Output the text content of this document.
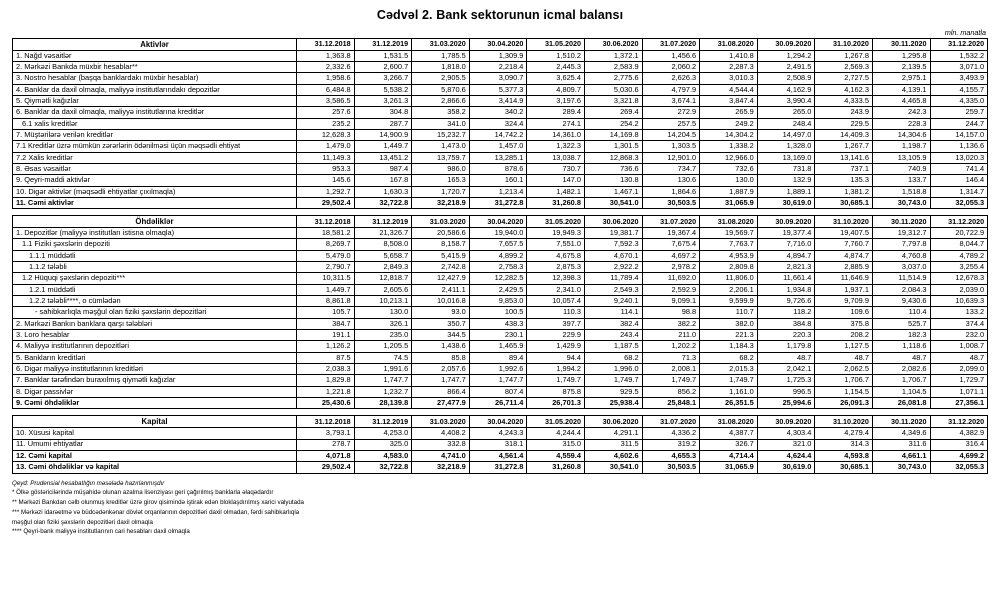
Cədvəl 2. Bank sektorunun icmal balansı
mln. manatla
Aktivlər	31.12.2018	31.12.2019	31.03.2020	30.04.2020	31.05.2020	30.06.2020	31.07.2020	31.08.2020	30.09.2020	31.10.2020	30.11.2020	31.12.2020
1. Nağd vəsaitlər	1,363.8	1,531.5	1,785.5	1,309.9	1,510.2	1,372.1	1,456.6	1,410.8	1,294.2	1,267.8	1,295.8	1,532.2
2. Mərkəzi Bankda müxbir hesablar**	2,332.6	2,600.7	1,818.0	2,218.4	2,445.3	2,583.9	2,060.2	2,287.3	2,491.5	2,569.3	2,139.5	3,071.0
3. Nostro hesablar (başqa banklardakı müxbir hesablar)	1,958.6	3,266.7	2,905.5	3,090.7	3,625.4	2,775.6	2,626.3	3,010.3	2,508.9	2,727.5	2,975.1	3,493.9
4. Banklar da daxil olmaqla, maliyyə institutlarındakı depozitlər	6,484.8	5,538.2	5,870.6	5,377.3	4,809.7	5,030.6	4,797.9	4,544.4	4,162.9	4,162.3	4,139.1	4,155.7
5. Qiymətli kağızlar	3,586.5	3,261.3	2,866.6	3,414.9	3,197.6	3,321.8	3,674.1	3,847.4	3,990.4	4,333.5	4,465.8	4,335.0
6. Banklar da daxil olmaqla, maliyyə institutlarına kreditlər	257.6	304.8	358.2	340.2	289.4	269.4	272.9	265.9	265.0	243.9	242.3	259.7
6.1 xalis kreditlər	235.2	287.7	341.0	324.4	274.1	254.2	257.5	249.2	248.4	229.5	228.3	244.7
7. Müştərilərə verilən kreditlər	12,628.3	14,900.9	15,232.7	14,742.2	14,361.0	14,169.8	14,204.5	14,304.2	14,497.0	14,409.3	14,304.6	14,157.0
7.1 Kreditlər üzrə mümkün zərərlərin ödənilməsi üçün məqsədli ehtiyat	1,479.0	1,449.7	1,473.0	1,457.0	1,322.3	1,301.5	1,303.5	1,338.2	1,328.0	1,267.7	1,198.7	1,136.6
7.2 Xalis kreditlər	11,149.3	13,451.2	13,759.7	13,285.1	13,038.7	12,868.3	12,901.0	12,966.0	13,169.0	13,141.6	13,105.9	13,020.3
8. Əsas vəsaitlər	953.3	987.4	986.0	878.6	730.7	736.6	734.7	732.6	731.8	737.1	740.9	741.4
9. Qeyri-maddi aktivlər	145.6	167.8	165.3	160.1	147.0	130.8	130.6	130.0	132.9	135.3	133.7	146.4
10. Digər aktivlər (məqsədli ehtiyatlar çıxılmaqla)	1,292.7	1,630.3	1,720.7	1,213.4	1,482.1	1,467.1	1,864.6	1,887.9	1,889.1	1,381.2	1,518.8	1,314.7
11. Cəmi aktivlər	29,502.4	32,722.8	32,218.9	31,272.8	31,260.8	30,541.0	30,503.5	31,065.9	30,619.0	30,685.1	30,743.0	32,055.3

Öhdəliklər	31.12.2018	31.12.2019	31.03.2020	30.04.2020	31.05.2020	30.06.2020	31.07.2020	31.08.2020	30.09.2020	31.10.2020	30.11.2020	31.12.2020
1. Depozitlər (maliyyə institutları istisna olmaqla)	18,581.2	21,326.7	20,586.6	19,940.0	19,949.3	19,381.7	19,367.4	19,569.7	19,377.4	19,407.5	19,312.7	20,722.9
1.1 Fiziki şəxslərin depoziti	8,269.7	8,508.0	8,158.7	7,657.5	7,551.0	7,592.3	7,675.4	7,763.7	7,716.0	7,760.7	7,797.8	8,044.7
1.1.1 müddətli	5,479.0	5,658.7	5,415.9	4,899.2	4,675.8	4,670.1	4,697.2	4,953.9	4,894.7	4,874.7	4,760.8	4,789.2
1.1.2 tələbli	2,790.7	2,849.3	2,742.8	2,758.3	2,875.3	2,922.2	2,978.2	2,809.8	2,821.3	2,885.9	3,037.0	3,255.4
1.2 Hüquqi şəxslərin depoziti***	10,311.5	12,818.7	12,427.9	12,282.5	12,398.3	11,789.4	11,692.0	11,806.0	11,661.4	11,646.9	11,514.9	12,678.3
1.2.1 müddətli	1,449.7	2,605.6	2,411.1	2,429.5	2,341.0	2,549.3	2,592.9	2,206.1	1,934.8	1,937.1	2,084.3	2,039.0
1.2.2 tələbli****, o cümlədən	8,861.8	10,213.1	10,016.8	9,853.0	10,057.4	9,240.1	9,099.1	9,599.9	9,726.6	9,709.9	9,430.6	10,639.3
- sahibkarlıqla məşğul olan fiziki şəxslərin depozitləri	105.7	130.0	93.0	100.5	110.3	114.1	98.8	110.7	118.2	109.6	110.4	133.2
2. Mərkəzi Bankın banklara qarşı tələbləri	384.7	326.1	350.7	438.3	397.7	382.4	382.2	382.0	384.8	375.8	525.7	374.4
3. Loro hesablar	191.1	235.0	344.5	230.1	229.9	243.4	211.0	221.3	220.3	208.2	182.3	232.0
4. Maliyyə institutlarının depozitləri	1,126.2	1,205.5	1,438.6	1,465.9	1,429.9	1,187.5	1,202.2	1,184.3	1,179.8	1,127.5	1,118.6	1,008.7
5. Bankların kreditləri	87.5	74.5	85.8	89.4	94.4	68.2	71.3	68.2	48.7	48.7	48.7	48.7
6. Digər maliyyə institutlarının kreditləri	2,038.3	1,991.6	2,057.6	1,992.6	1,994.2	1,996.0	2,008.1	2,015.3	2,042.1	2,062.5	2,082.6	2,099.0
7. Banklar tərəfindən buraxılmış qiymətli kağızlar	1,829.8	1,747.7	1,747.7	1,747.7	1,749.7	1,749.7	1,749.7	1,749.7	1,725.3	1,706.7	1,706.7	1,729.7
8. Digər passivlər	1,221.8	1,232.7	866.4	807.4	875.8	929.5	856.2	1,161.0	996.5	1,154.5	1,104.5	1,071.1
9. Cəmi öhdəliklər	25,430.6	28,139.8	27,477.9	26,711.4	26,701.3	25,938.4	25,848.1	26,351.5	25,994.6	26,091.3	26,081.8	27,356.1

Kapital	31.12.2018	31.12.2019	31.03.2020	30.04.2020	31.05.2020	30.06.2020	31.07.2020	31.08.2020	30.09.2020	31.10.2020	30.11.2020	31.12.2020
10. Xüsusi kapital	3,793.1	4,253.0	4,408.2	4,243.3	4,244.4	4,291.1	4,336.2	4,387.7	4,303.4	4,279.4	4,349.6	4,382.9
11. Ümumi ehtiyatlar	278.7	325.0	332.8	318.1	315.0	311.5	319.2	326.7	321.0	314.3	311.6	316.4
12. Cəmi kapital	4,071.8	4,583.0	4,741.0	4,561.4	4,559.4	4,602.6	4,655.3	4,714.4	4,624.4	4,593.8	4,661.1	4,699.2
13. Cəmi öhdəliklər və kapital	29,502.4	32,722.8	32,218.9	31,272.8	31,260.8	30,541.0	30,503.5	31,065.9	30,619.0	30,685.1	30,743.0	32,055.3
Qeyd: Prudensial hesabatlığın məsələdə hazırlanmışdır
* Ölkə göstəricilərində müşahidə olunan azalma lisenziyası geri çağırılmış banklarla əlaqədardır
** Mərkəzi Bankdan cəlb olunmuş kreditlər üzrə girov qisimində iştirak edən bloklaşdırılmış xarici valyutada
*** Mərkəzi idarəetmə və büdcədənkənar dövlət orqanlarının depozitləri daxil olmadan, fərdi sahibkarlıqla
məşğul olan fiziki şəxslərin depozitləri daxil olmaqla
**** Qeyri-bank maliyyə institutlarının cari hesabları daxil olmaqla
